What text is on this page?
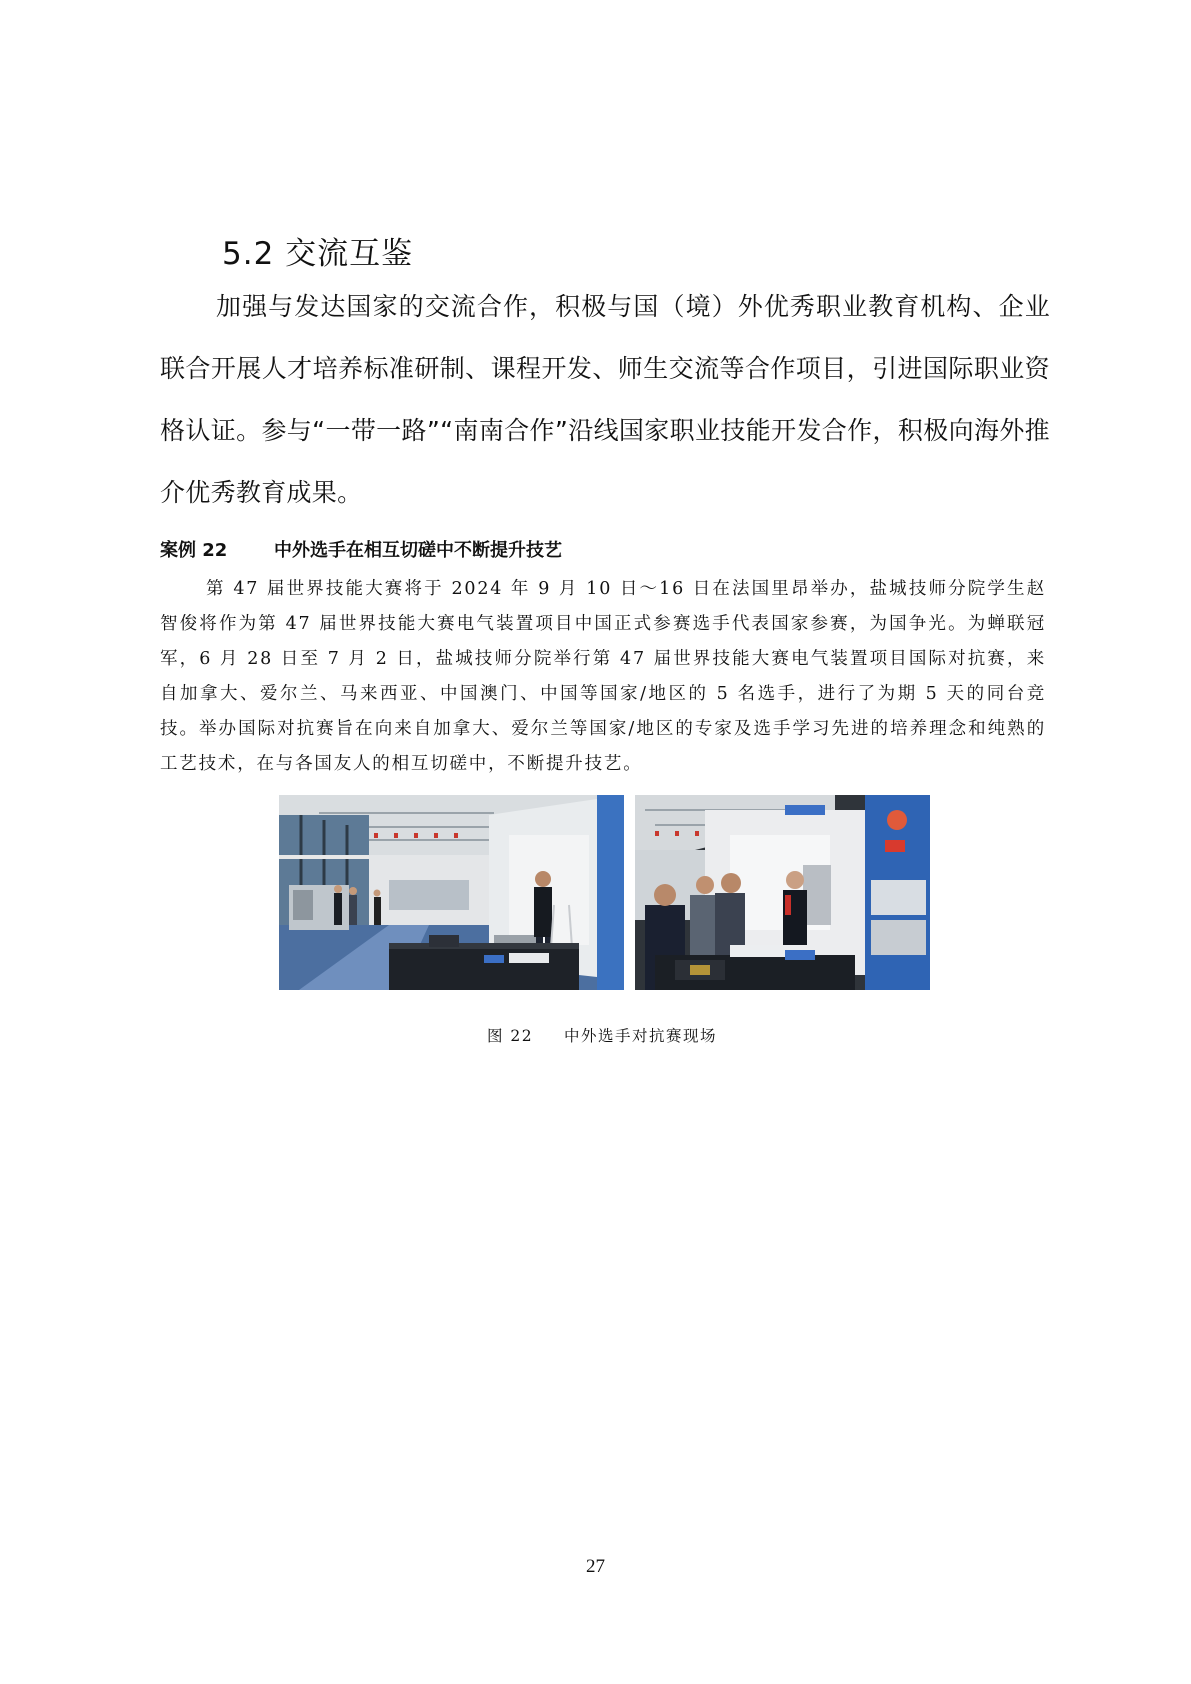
5.2 交流互鉴

加强与发达国家的交流合作，积极与国（境）外优秀职业教育机构、企业联合开展人才培养标准研制、课程开发、师生交流等合作项目，引进国际职业资格认证。参与“一带一路”“南南合作”沿线国家职业技能开发合作，积极向海外推介优秀教育成果。

案例 22	中外选手在相互切磋中不断提升技艺

第 47 届世界技能大赛将于 2024 年 9 月 10 日～16 日在法国里昂举办，盐城技师分院学生赵智俊将作为第 47 届世界技能大赛电气装置项目中国正式参赛选手代表国家参赛，为国争光。为蝉联冠军，6 月 28 日至 7 月 2 日，盐城技师分院举行第 47 届世界技能大赛电气装置项目国际对抗赛，来自加拿大、爱尔兰、马来西亚、中国澳门、中国等国家/地区的 5 名选手，进行了为期 5 天的同台竞技。举办国际对抗赛旨在向来自加拿大、爱尔兰等国家/地区的专家及选手学习先进的培养理念和纯熟的工艺技术，在与各国友人的相互切磋中，不断提升技艺。

图 22 中外选手对抗赛现场
27
